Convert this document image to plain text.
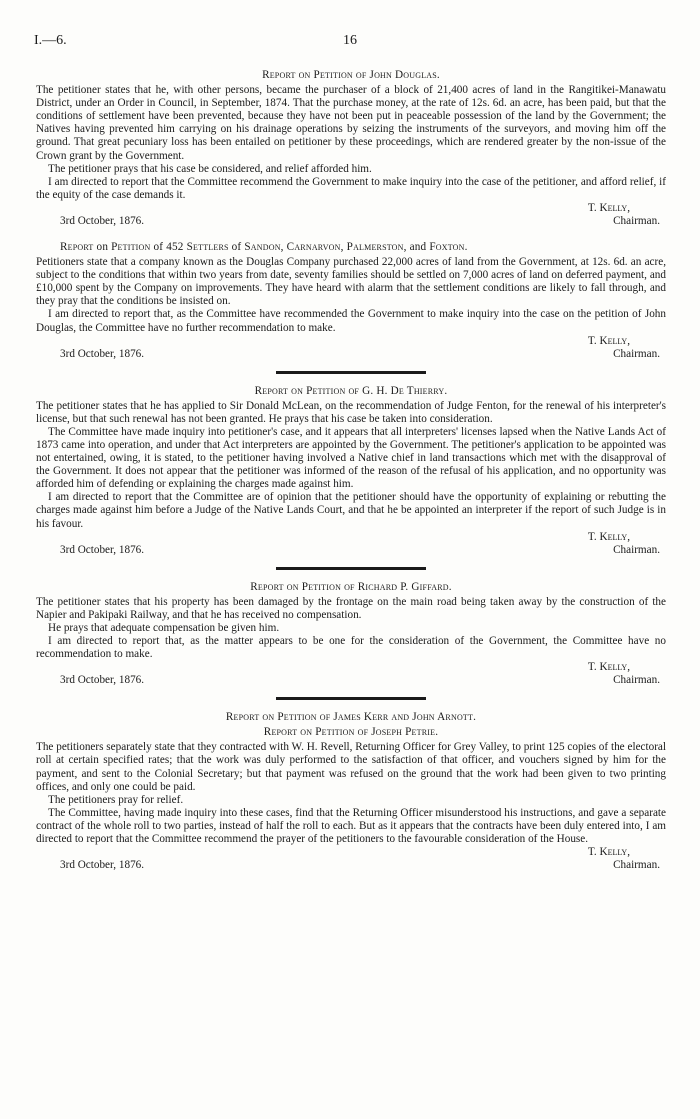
I.—6.	16
Report on Petition of John Douglas.

The petitioner states that he, with other persons, became the purchaser of a block of 21,400 acres of land in the Rangitikei-Manawatu District, under an Order in Council, in September, 1874. That the purchase money, at the rate of 12s. 6d. an acre, has been paid, but that the conditions of settlement have been prevented, because they have not been put in peaceable possession of the land by the Government; the Natives having prevented him carrying on his drainage operations by seizing the instruments of the surveyors, and moving him off the ground. That great pecuniary loss has been entailed on petitioner by these proceedings, which are rendered greater by the non-issue of the Crown grant by the Government.

The petitioner prays that his case be considered, and relief afforded him.

I am directed to report that the Committee recommend the Government to make inquiry into the case of the petitioner, and afford relief, if the equity of the case demands it.

T. Kelly,
3rd October, 1876.	Chairman.
Report on Petition of 452 Settlers of Sandon, Carnarvon, Palmerston, and Foxton.

Petitioners state that a company known as the Douglas Company purchased 22,000 acres of land from the Government, at 12s. 6d. an acre, subject to the conditions that within two years from date, seventy families should be settled on 7,000 acres of land on deferred payment, and £10,000 spent by the Company on improvements. They have heard with alarm that the settlement conditions are likely to fall through, and they pray that the conditions be insisted on.

I am directed to report that, as the Committee have recommended the Government to make inquiry into the case on the petition of John Douglas, the Committee have no further recommendation to make.

T. Kelly,
3rd October, 1876.	Chairman.
Report on Petition of G. H. De Thierry.

The petitioner states that he has applied to Sir Donald McLean, on the recommendation of Judge Fenton, for the renewal of his interpreter's license, but that such renewal has not been granted. He prays that his case be taken into consideration.

The Committee have made inquiry into petitioner's case, and it appears that all interpreters' licenses lapsed when the Native Lands Act of 1873 came into operation, and under that Act interpreters are appointed by the Government. The petitioner's application to be appointed was not entertained, owing, it is stated, to the petitioner having involved a Native chief in land transactions which met with the disapproval of the Government. It does not appear that the petitioner was informed of the reason of the refusal of his application, and no opportunity was afforded him of defending or explaining the charges made against him.

I am directed to report that the Committee are of opinion that the petitioner should have the opportunity of explaining or rebutting the charges made against him before a Judge of the Native Lands Court, and that he be appointed an interpreter if the report of such Judge is in his favour.

T. Kelly,
3rd October, 1876.	Chairman.
Report on Petition of Richard P. Giffard.

The petitioner states that his property has been damaged by the frontage on the main road being taken away by the construction of the Napier and Pakipaki Railway, and that he has received no compensation.

He prays that adequate compensation be given him.

I am directed to report that, as the matter appears to be one for the consideration of the Government, the Committee have no recommendation to make.

T. Kelly,
3rd October, 1876.	Chairman.
Report on Petition of James Kerr and John Arnott.
Report on Petition of Joseph Petrie.

The petitioners separately state that they contracted with W. H. Revell, Returning Officer for Grey Valley, to print 125 copies of the electoral roll at certain specified rates; that the work was duly performed to the satisfaction of that officer, and vouchers signed by him for the payment, and sent to the Colonial Secretary; but that payment was refused on the ground that the work had been given to two printing offices, and only one could be paid.

The petitioners pray for relief.

The Committee, having made inquiry into these cases, find that the Returning Officer misunderstood his instructions, and gave a separate contract of the whole roll to two parties, instead of half the roll to each. But as it appears that the contracts have been duly entered into, I am directed to report that the Committee recommend the prayer of the petitioners to the favourable consideration of the House.

T. Kelly,
3rd October, 1876.	Chairman.
